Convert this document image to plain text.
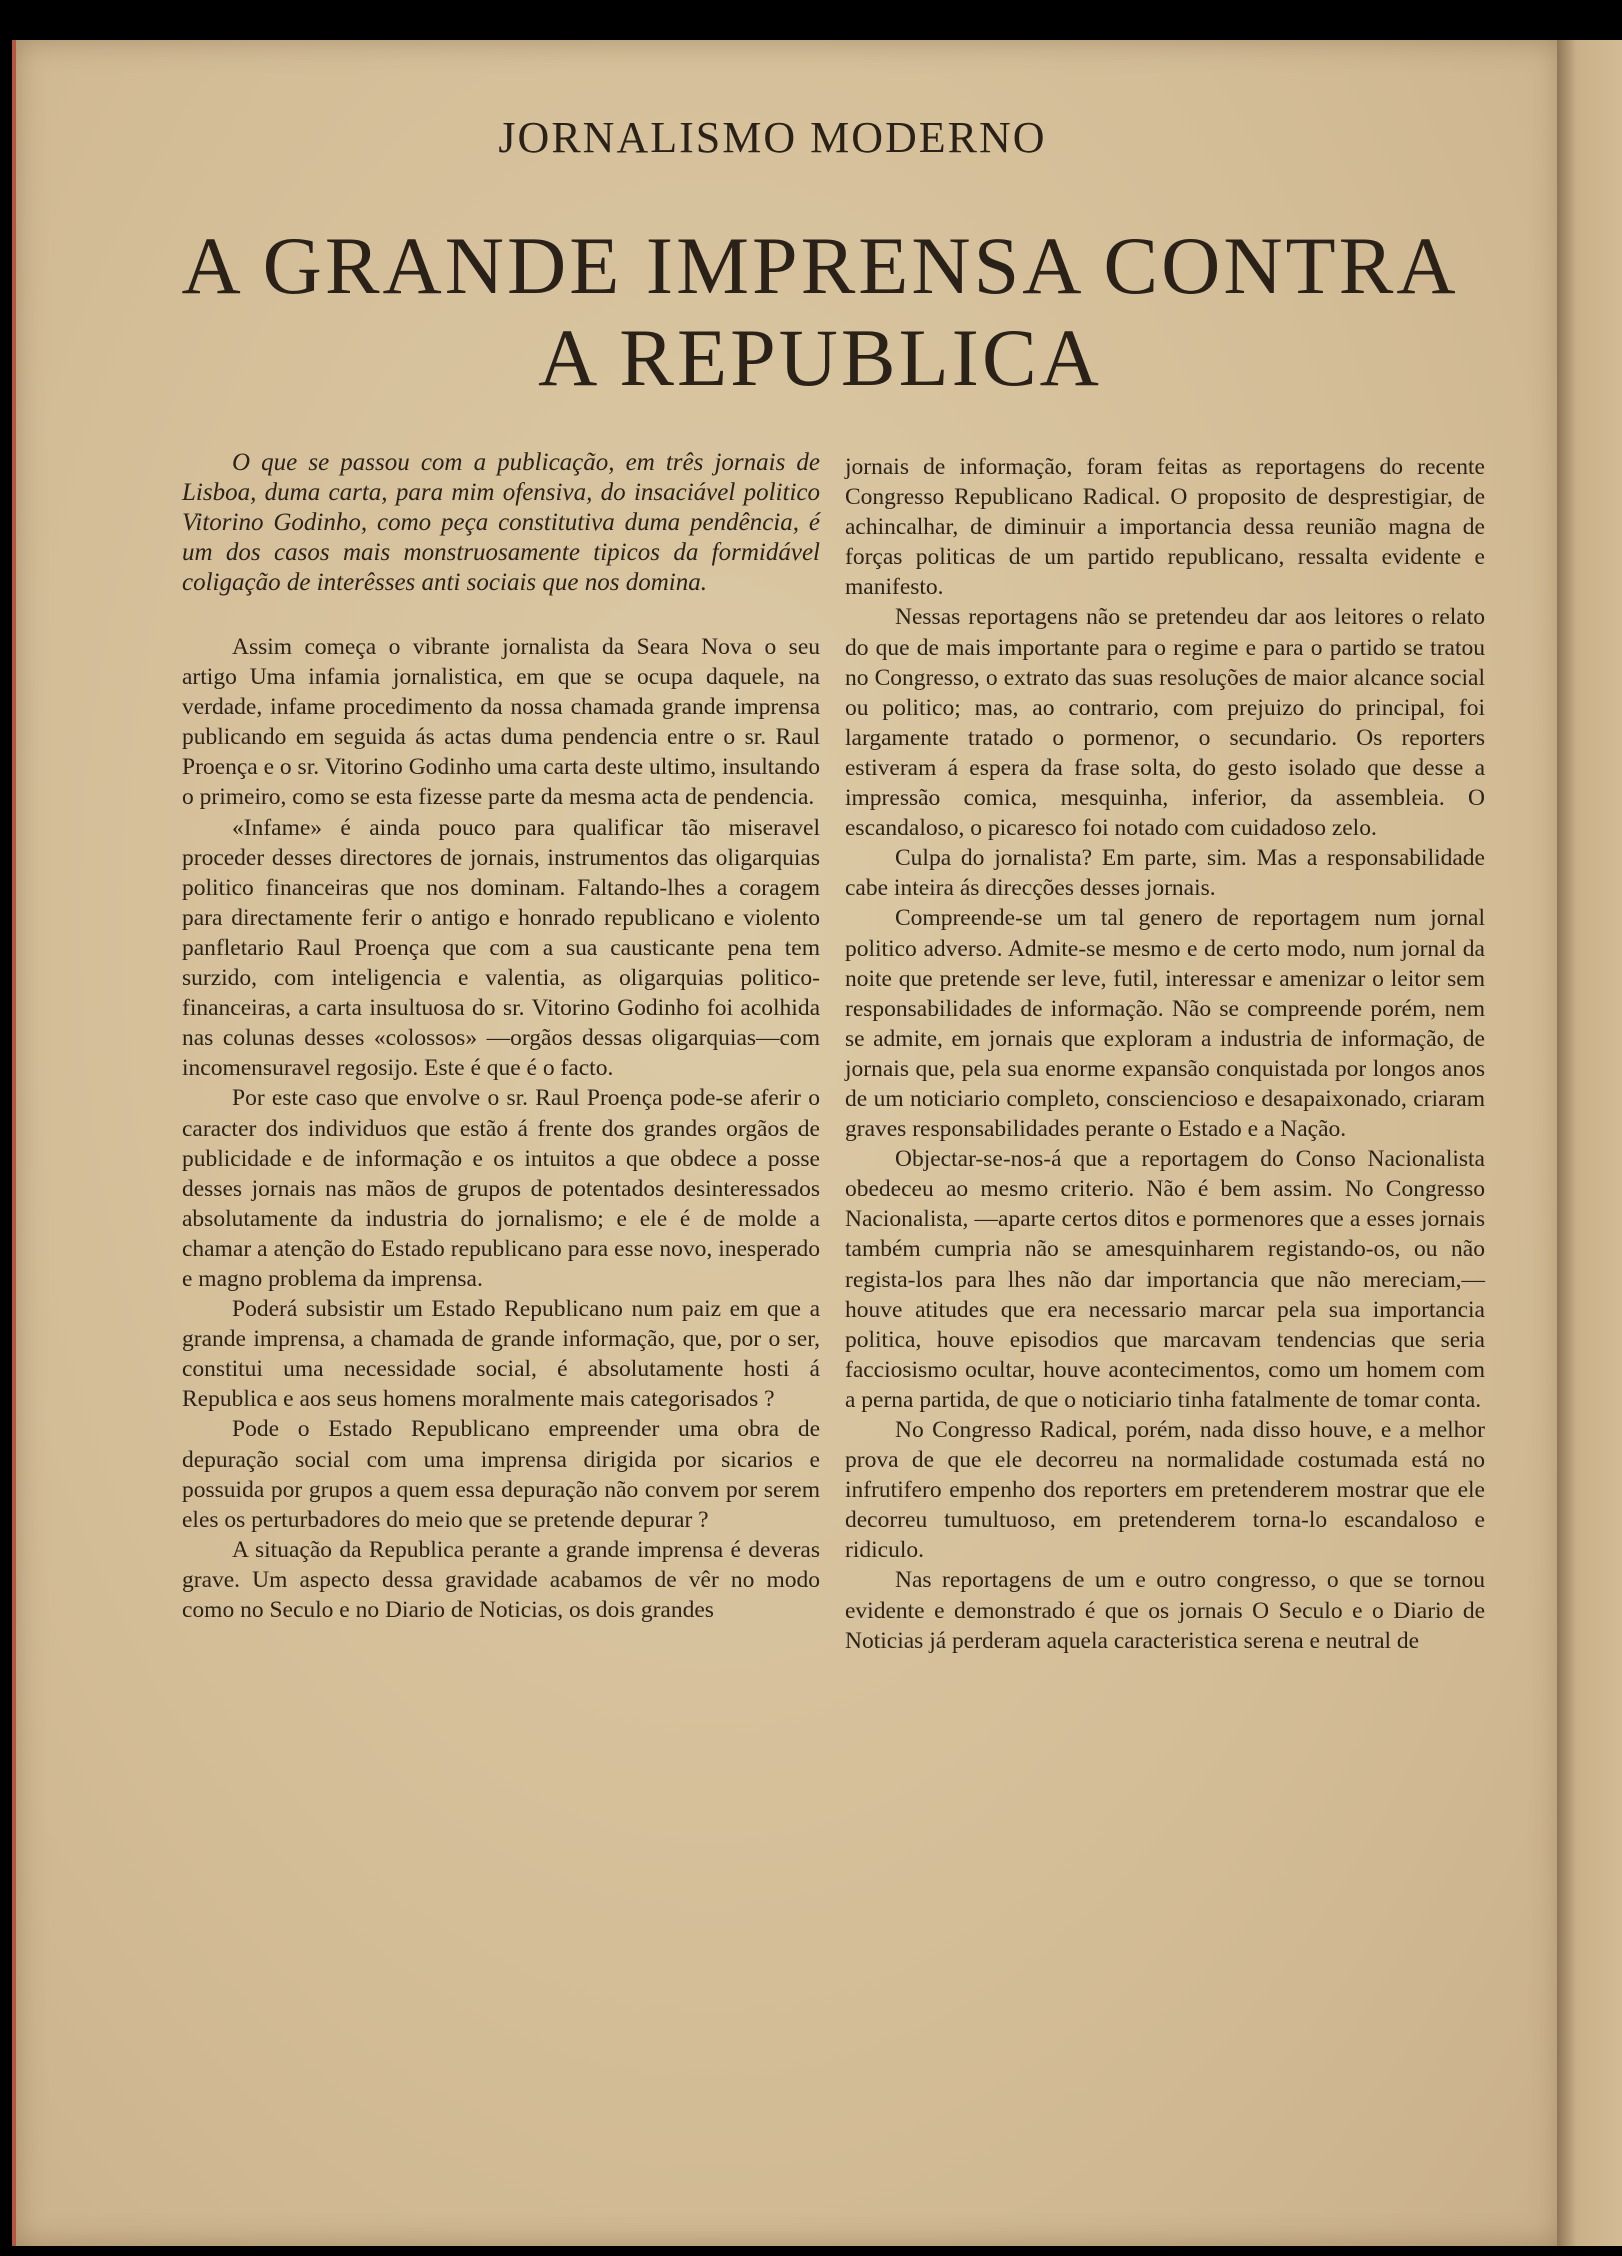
JORNALISMO MODERNO
A GRANDE IMPRENSA CONTRA
A REPUBLICA

O que se passou com a publicação, em três jornais de Lisboa, duma carta, para mim ofensiva, do insaciável politico Vitorino Godinho, como peça constitutiva duma pendência, é um dos casos mais monstruosamente tipicos da formidável coligação de interêsses anti sociais que nos domina.

Assim começa o vibrante jornalista da Seara Nova o seu artigo Uma infamia jornalistica, em que se ocupa daquele, na verdade, infame procedimento da nossa chamada grande imprensa publicando em seguida ás actas duma pendencia entre o sr. Raul Proença e o sr. Vitorino Godinho uma carta deste ultimo, insultando o primeiro, como se esta fizesse parte da mesma acta de pendencia.

«Infame» é ainda pouco para qualificar tão miseravel proceder desses directores de jornais, instrumentos das oligarquias politico financeiras que nos dominam. Faltando-lhes a coragem para directamente ferir o antigo e honrado republicano e violento panfletario Raul Proença que com a sua causticante pena tem surzido, com inteligencia e valentia, as oligarquias politico-financeiras, a carta insultuosa do sr. Vitorino Godinho foi acolhida nas colunas desses «colossos» —orgãos dessas oligarquias—com incomensuravel regosijo. Este é que é o facto.

Por este caso que envolve o sr. Raul Proença pode-se aferir o caracter dos individuos que estão á frente dos grandes orgãos de publicidade e de informação e os intuitos a que obdece a posse desses jornais nas mãos de grupos de potentados desinteressados absolutamente da industria do jornalismo; e ele é de molde a chamar a atenção do Estado republicano para esse novo, inesperado e magno problema da imprensa.

Poderá subsistir um Estado Republicano num paiz em que a grande imprensa, a chamada de grande informação, que, por o ser, constitui uma necessidade social, é absolutamente hosti á Republica e aos seus homens moralmente mais categorisados ?

Pode o Estado Republicano empreender uma obra de depuração social com uma imprensa dirigida por sicarios e possuida por grupos a quem essa depuração não convem por serem eles os perturbadores do meio que se pretende depurar ?

A situação da Republica perante a grande imprensa é deveras grave. Um aspecto dessa gravidade acabamos de vêr no modo como no Seculo e no Diario de Noticias, os dois grandes

jornais de informação, foram feitas as reportagens do recente Congresso Republicano Radical. O proposito de desprestigiar, de achincalhar, de diminuir a importancia dessa reunião magna de forças politicas de um partido republicano, ressalta evidente e manifesto.

Nessas reportagens não se pretendeu dar aos leitores o relato do que de mais importante para o regime e para o partido se tratou no Congresso, o extrato das suas resoluções de maior alcance social ou politico; mas, ao contrario, com prejuizo do principal, foi largamente tratado o pormenor, o secundario. Os reporters estiveram á espera da frase solta, do gesto isolado que desse a impressão comica, mesquinha, inferior, da assembleia. O escandaloso, o picaresco foi notado com cuidadoso zelo.

Culpa do jornalista? Em parte, sim. Mas a responsabilidade cabe inteira ás direcções desses jornais.

Compreende-se um tal genero de reportagem num jornal politico adverso. Admite-se mesmo e de certo modo, num jornal da noite que pretende ser leve, futil, interessar e amenizar o leitor sem responsabilidades de informação. Não se compreende porém, nem se admite, em jornais que exploram a industria de informação, de jornais que, pela sua enorme expansão conquistada por longos anos de um noticiario completo, consciencioso e desapaixonado, criaram graves responsabilidades perante o Estado e a Nação.

Objectar-se-nos-á que a reportagem do Conso Nacionalista obedeceu ao mesmo criterio. Não é bem assim. No Congresso Nacionalista, —aparte certos ditos e pormenores que a esses jornais também cumpria não se amesquinharem registando-os, ou não regista-los para lhes não dar importancia que não mereciam,—houve atitudes que era necessario marcar pela sua importancia politica, houve episodios que marcavam tendencias que seria facciosismo ocultar, houve acontecimentos, como um homem com a perna partida, de que o noticiario tinha fatalmente de tomar conta.

No Congresso Radical, porém, nada disso houve, e a melhor prova de que ele decorreu na normalidade costumada está no infrutifero empenho dos reporters em pretenderem mostrar que ele decorreu tumultuoso, em pretenderem torna-lo escandaloso e ridiculo.

Nas reportagens de um e outro congresso, o que se tornou evidente e demonstrado é que os jornais O Seculo e o Diario de Noticias já perderam aquela caracteristica serena e neutral de
